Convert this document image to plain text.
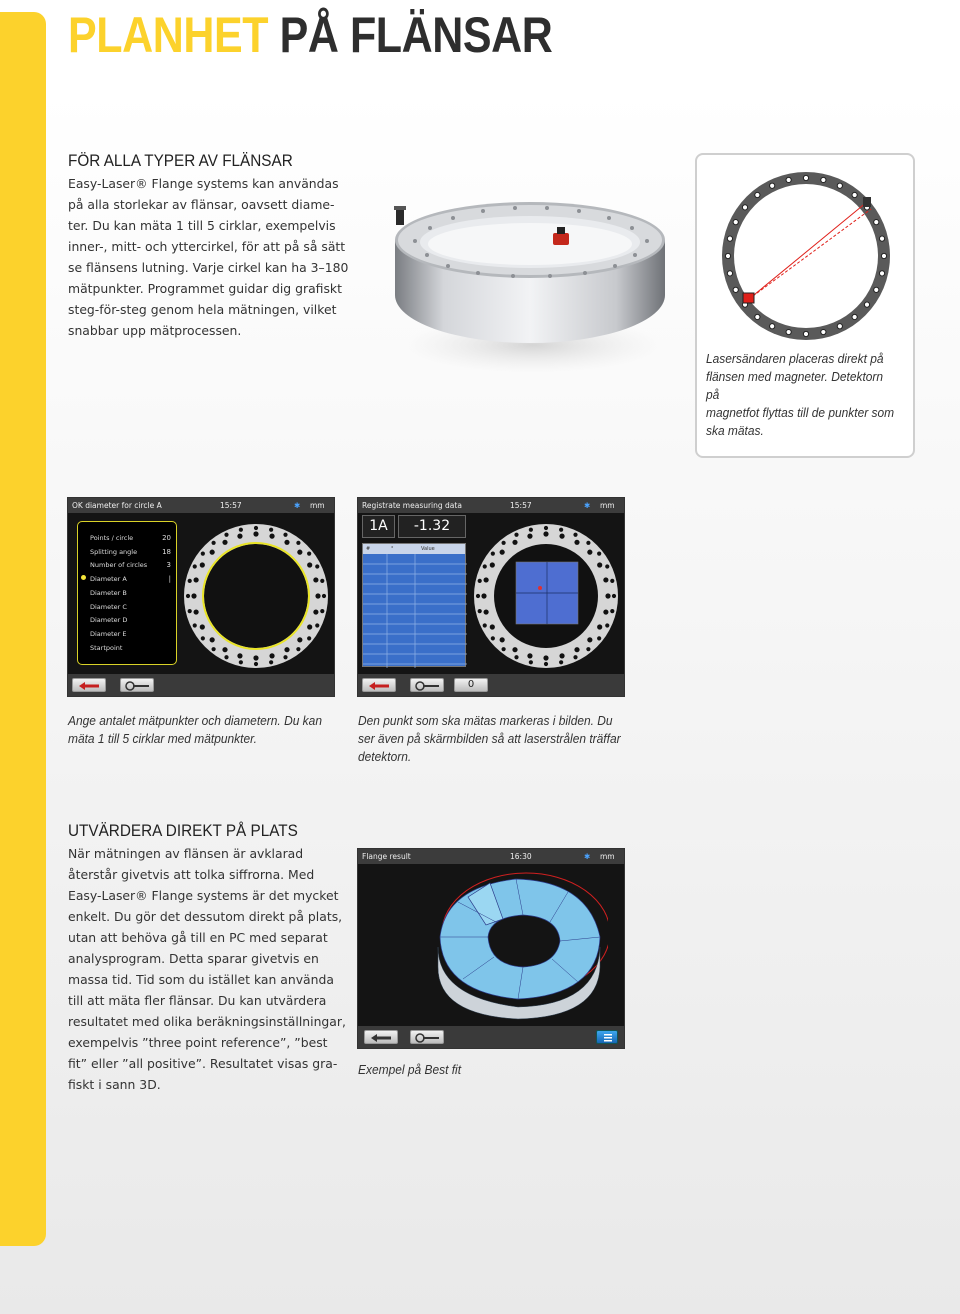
PLANHET PÅ FLÄNSAR
FÖR ALLA TYPER AV FLÄNSAR
Easy-Laser® Flange systems kan användas
på alla storlekar av flänsar, oavsett diame-
ter. Du kan mäta 1 till 5 cirklar, exempelvis
inner-, mitt- och yttercirkel, för att på så sätt
se flänsens lutning. Varje cirkel kan ha 3–180
mätpunkter. Programmet guidar dig grafiskt
steg-för-steg genom hela mätningen, vilket
snabbar upp mätprocessen.
Lasersändaren placeras direkt på
flänsen med magneter. Detektorn på
magnetfot flyttas till de punkter som
ska mätas.
OK diameter for circle A	15:57	✱ mm
Points / circle	20
Splitting angle	18
Number of circles	3
Diameter A	|
Diameter B
Diameter C
Diameter D
Diameter E
Startpoint
Registrate measuring data	15:57	✱ mm
1A	-1.32
#	°	Value
0
Ange antalet mätpunkter och diametern. Du kan
mäta 1 till 5 cirklar med mätpunkter.
Den punkt som ska mätas markeras i bilden. Du
ser även på skärmbilden så att laserstrålen träffar
detektorn.
UTVÄRDERA DIREKT PÅ PLATS
När mätningen av flänsen är avklarad
återstår givetvis att tolka siffrorna. Med
Easy-Laser® Flange systems är det mycket
enkelt. Du gör det dessutom direkt på plats,
utan att behöva gå till en PC med separat
analysprogram. Detta sparar givetvis en
massa tid. Tid som du istället kan använda
till att mäta fler flänsar. Du kan utvärdera
resultatet med olika beräkningsinställningar,
exempelvis ”three point reference”, ”best
fit” eller ”all positive”. Resultatet visas gra-
fiskt i sann 3D.
Flange result	16:30	✱ mm
Exempel på Best fit
